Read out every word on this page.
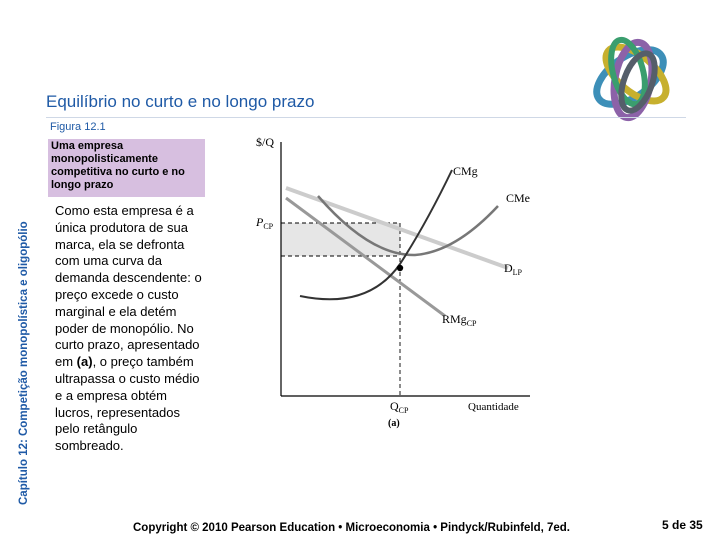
Equilíbrio no curto e no longo prazo
Capítulo 12: Competição monopolística e oligopólio
Figura 12.1
Uma empresa monopolisticamente competitiva no curto e no longo prazo
Como esta empresa é a única produtora de sua marca, ela se defronta com uma curva da demanda descendente: o preço excede o custo marginal e ela detém poder de monopólio. No curto prazo, apresentado em (a), o preço também ultrapassa o custo médio e a empresa obtém lucros, representados pelo retângulo sombreado.
$/Q
Quantidade
CMg
CMe
$D_{LP}$
RMg$_{CP}$
$P_{CP}$
$Q_{CP}$
(a)
Copyright © 2010 Pearson Education • Microeconomia • Pindyck/Rubinfeld, 7ed.	5 de 35
